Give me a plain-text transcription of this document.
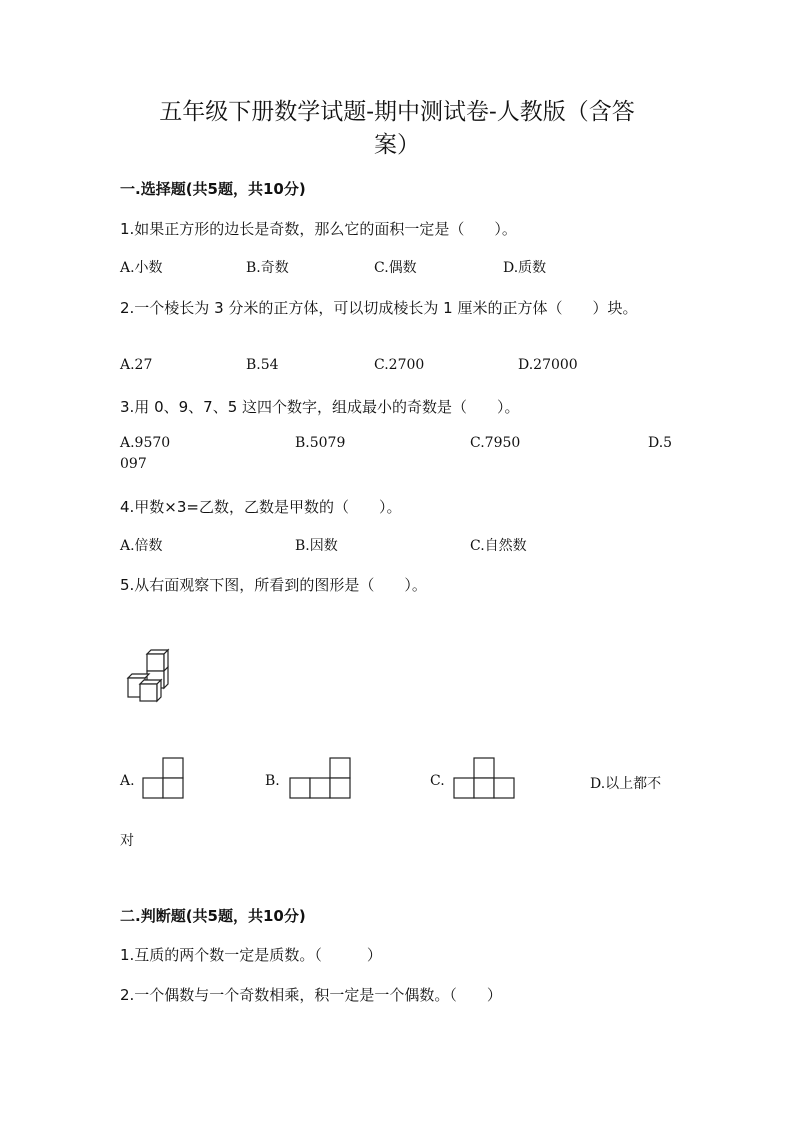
五年级下册数学试题-期中测试卷-人教版（含答
案）
一.选择题(共5题，共10分)
1.如果正方形的边长是奇数，那么它的面积一定是（　　）。
A.小数	B.奇数	C.偶数	D.质数
2.一个棱长为 3 分米的正方体，可以切成棱长为 1 厘米的正方体（　　）块。
A.27	B.54	C.2700	D.27000
3.用 0、9、7、5 这四个数字，组成最小的奇数是（　　）。
A.9570	B.5079	C.7950	D.5
097
4.甲数×3=乙数，乙数是甲数的（　　）。
A.倍数	B.因数	C.自然数
5.从右面观察下图，所看到的图形是（　　）。
A.	B.	C.	D.以上都不
对
二.判断题(共5题，共10分)
1.互质的两个数一定是质数。（　　　）
2.一个偶数与一个奇数相乘，积一定是一个偶数。（　　）
